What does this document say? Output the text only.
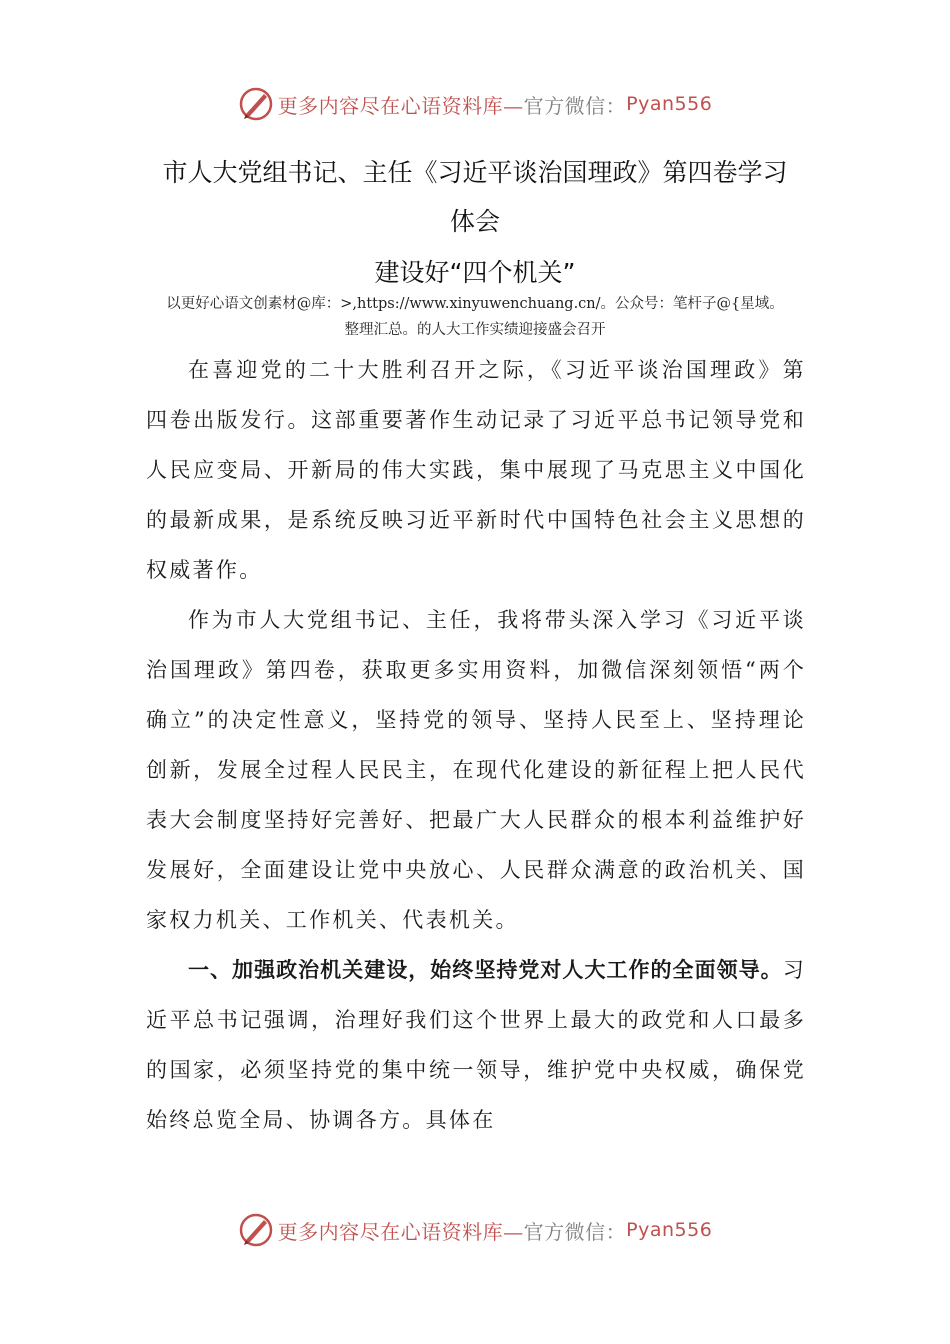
更多内容尽在心语资料库— 官方微信： Pyan556
市人大党组书记、主任《习近平谈治国理政》第四卷学习
体会
建设好“四个机关”
以更好心语文创素材@库：>,https://www.xinyuwenchuang.cn/。公众号：笔杆子@{星域。
整理汇总。的人大工作实绩迎接盛会召开

在喜迎党的二十大胜利召开之际，《习近平谈治国理政》第四卷出版发行。这部重要著作生动记录了习近平总书记领导党和人民应变局、开新局的伟大实践，集中展现了马克思主义中国化的最新成果，是系统反映习近平新时代中国特色社会主义思想的权威著作。

作为市人大党组书记、主任，我将带头深入学习《习近平谈治国理政》第四卷，获取更多实用资料，加微信深刻领悟“两个确立”的决定性意义，坚持党的领导、坚持人民至上、坚持理论创新，发展全过程人民民主，在现代化建设的新征程上把人民代表大会制度坚持好完善好、把最广大人民群众的根本利益维护好发展好，全面建设让党中央放心、人民群众满意的政治机关、国家权力机关、工作机关、代表机关。

一、加强政治机关建设，始终坚持党对人大工作的全面领导。习近平总书记强调，治理好我们这个世界上最大的政党和人口最多的国家，必须坚持党的集中统一领导，维护党中央权威，确保党始终总览全局、协调各方。具体在

更多内容尽在心语资料库— 官方微信： Pyan556
